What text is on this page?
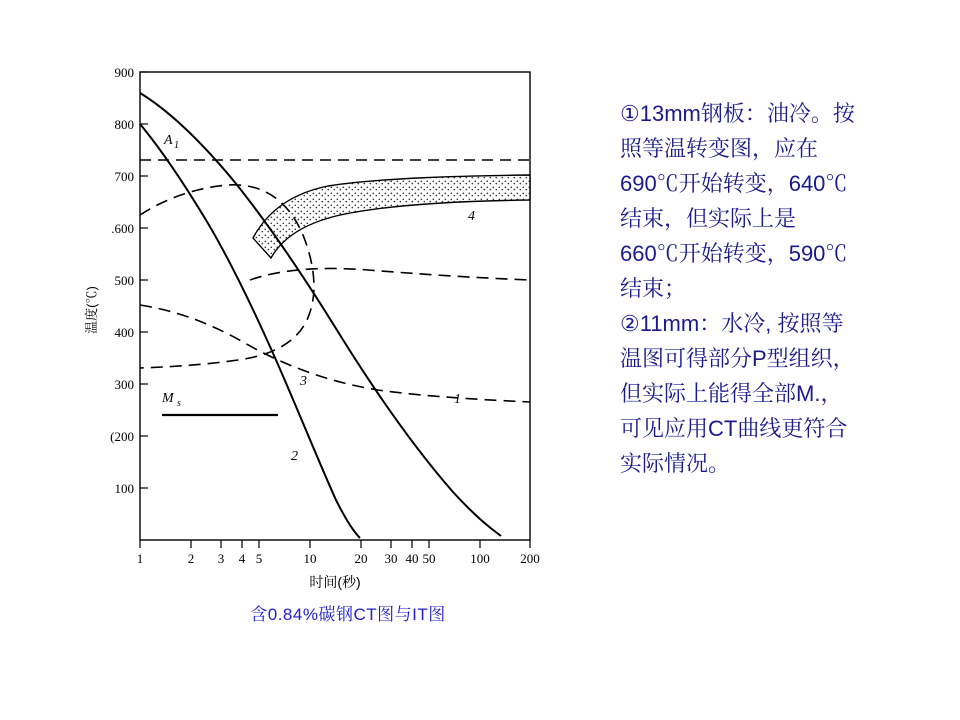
900
800
700
.600
500
400
300
(200
100
温度(℃)
1	2 3 4 5	10	20 30 40 50	100 200
时间(秒)
A 1
M s	1
2
3
4
含0.84%碳钢CT图与IT图
①13mm钢板：油冷。按
照等温转变图，应在
690℃开始转变，640℃
结束，但实际上是
660℃开始转变，590℃
结束；
②11mm：水冷, 按照等
温图可得部分P型组织，
但实际上能得全部M.，
可见应用CT曲线更符合
实际情况。
